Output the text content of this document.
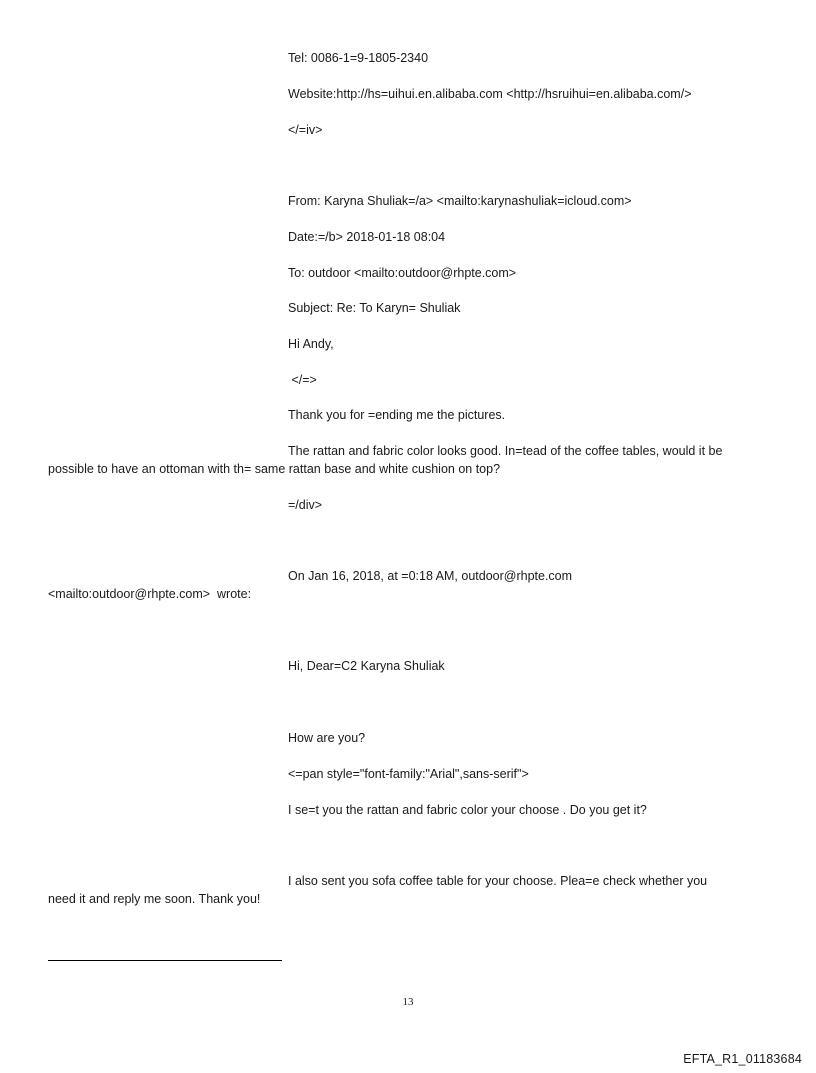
Tel: 0086-1=9-1805-2340

Website:http://hs=uihui.en.alibaba.com <http://hsruihui=en.alibaba.com/>

</=iv>

From: Karyna Shuliak=/a> <mailto:karynashuliak=icloud.com>

Date:=/b> 2018-01-18 08:04

To: outdoor <mailto:outdoor@rhpte.com>

Subject: Re: To Karyn= Shuliak

Hi Andy,

</=>

Thank you for =ending me the pictures.

The rattan and fabric color looks good. In=tead of the coffee tables, would it be

possible to have an ottoman with th= same rattan base and white cushion on top?

=/div>

On Jan 16, 2018, at =0:18 AM, outdoor@rhpte.com

<mailto:outdoor@rhpte.com>  wrote:

Hi, Dear=C2 Karyna Shuliak

How are you?

<=pan style="font-family:"Arial",sans-serif">

I se=t you the rattan and fabric color your choose . Do you get it?

I also sent you sofa coffee table for your choose. Plea=e check whether you

need it and reply me soon. Thank you!

13
EFTA_R1_01183684
